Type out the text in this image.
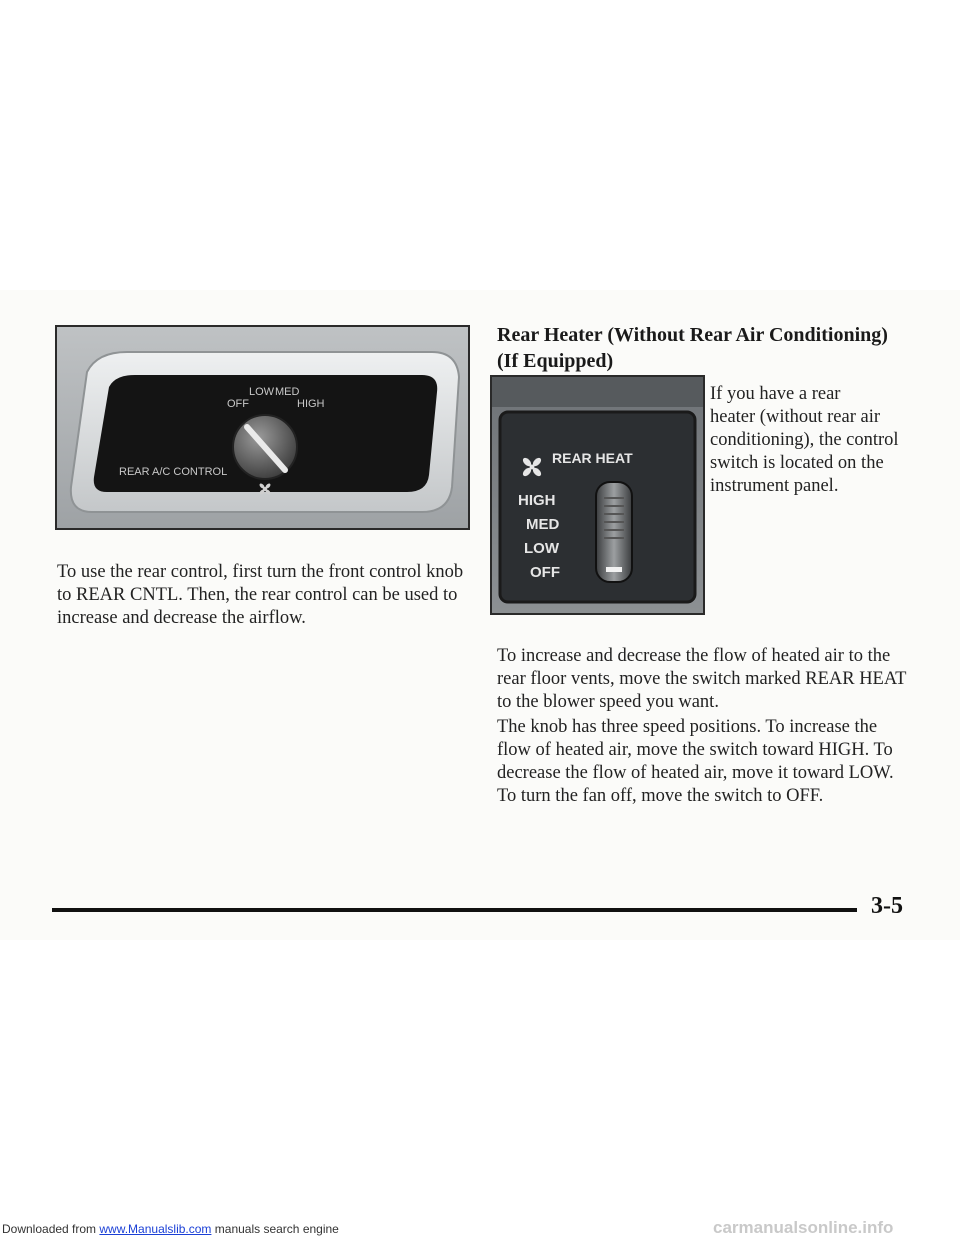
LOW MED
OFF	HIGH
REAR A/C CONTROL

To use the rear control, first turn the front control knob
to REAR CNTL. Then, the rear control can be used to
increase and decrease the airflow.

Rear Heater (Without Rear Air Conditioning)
(If Equipped)
REAR HEAT
HIGH
MED
LOW
OFF

If you have a rear
heater (without rear air
conditioning), the control
switch is located on the
instrument panel.

To increase and decrease the flow of heated air to the
rear floor vents, move the switch marked REAR HEAT
to the blower speed you want.

The knob has three speed positions. To increase the
flow of heated air, move the switch toward HIGH. To
decrease the flow of heated air, move it toward LOW.
To turn the fan off, move the switch to OFF.

3-5
Downloaded from www.Manualslib.com manuals search engine	carmanualsonline.info
